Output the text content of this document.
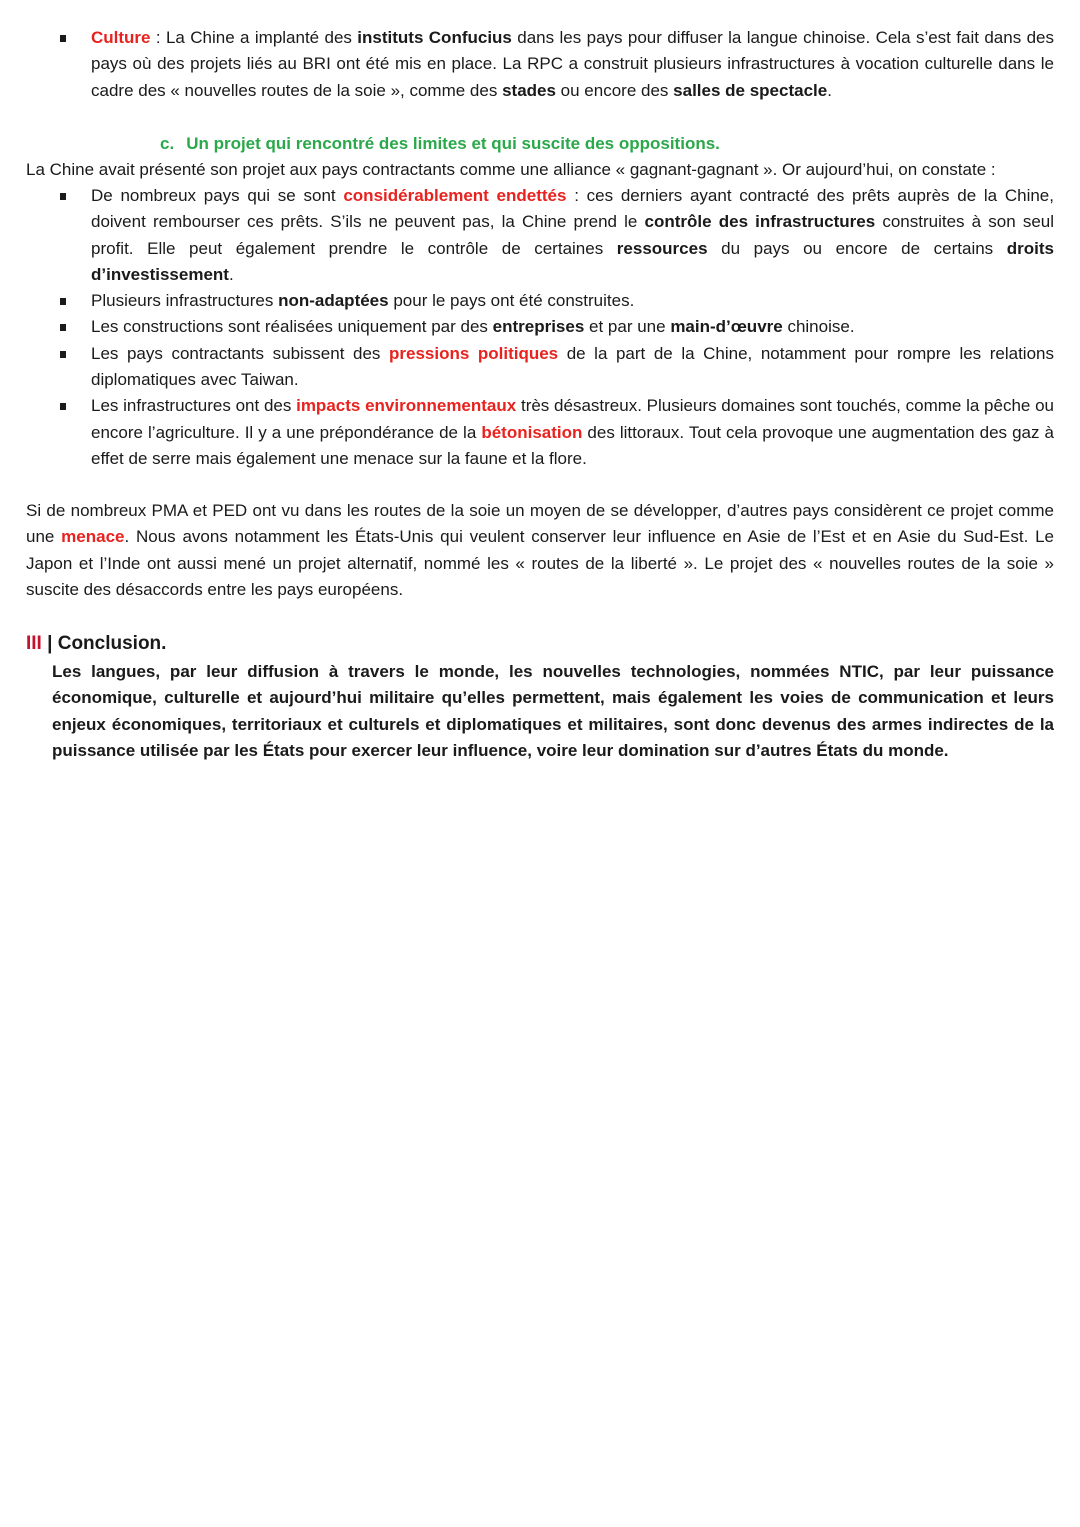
Culture : La Chine a implanté des instituts Confucius dans les pays pour diffuser la langue chinoise. Cela s’est fait dans des pays où des projets liés au BRI ont été mis en place. La RPC a construit plusieurs infrastructures à vocation culturelle dans le cadre des « nouvelles routes de la soie », comme des stades ou encore des salles de spectacle.
c. Un projet qui rencontré des limites et qui suscite des oppositions.
La Chine avait présenté son projet aux pays contractants comme une alliance « gagnant-gagnant ». Or aujourd’hui, on constate :
De nombreux pays qui se sont considérablement endettés : ces derniers ayant contracté des prêts auprès de la Chine, doivent rembourser ces prêts. S’ils ne peuvent pas, la Chine prend le contrôle des infrastructures construites à son seul profit. Elle peut également prendre le contrôle de certaines ressources du pays ou encore de certains droits d’investissement.
Plusieurs infrastructures non-adaptées pour le pays ont été construites.
Les constructions sont réalisées uniquement par des entreprises et par une main-d’œuvre chinoise.
Les pays contractants subissent des pressions politiques de la part de la Chine, notamment pour rompre les relations diplomatiques avec Taiwan.
Les infrastructures ont des impacts environnementaux très désastreux. Plusieurs domaines sont touchés, comme la pêche ou encore l’agriculture. Il y a une prépondérance de la bétonisation des littoraux. Tout cela provoque une augmentation des gaz à effet de serre mais également une menace sur la faune et la flore.
Si de nombreux PMA et PED ont vu dans les routes de la soie un moyen de se développer, d’autres pays considèrent ce projet comme une menace. Nous avons notamment les États-Unis qui veulent conserver leur influence en Asie de l’Est et en Asie du Sud-Est. Le Japon et l’Inde ont aussi mené un projet alternatif, nommé les « routes de la liberté ». Le projet des « nouvelles routes de la soie » suscite des désaccords entre les pays européens.
III | Conclusion.
Les langues, par leur diffusion à travers le monde, les nouvelles technologies, nommées NTIC, par leur puissance économique, culturelle et aujourd’hui militaire qu’elles permettent, mais également les voies de communication et leurs enjeux économiques, territoriaux et culturels et diplomatiques et militaires, sont donc devenus des armes indirectes de la puissance utilisée par les États pour exercer leur influence, voire leur domination sur d’autres États du monde.
